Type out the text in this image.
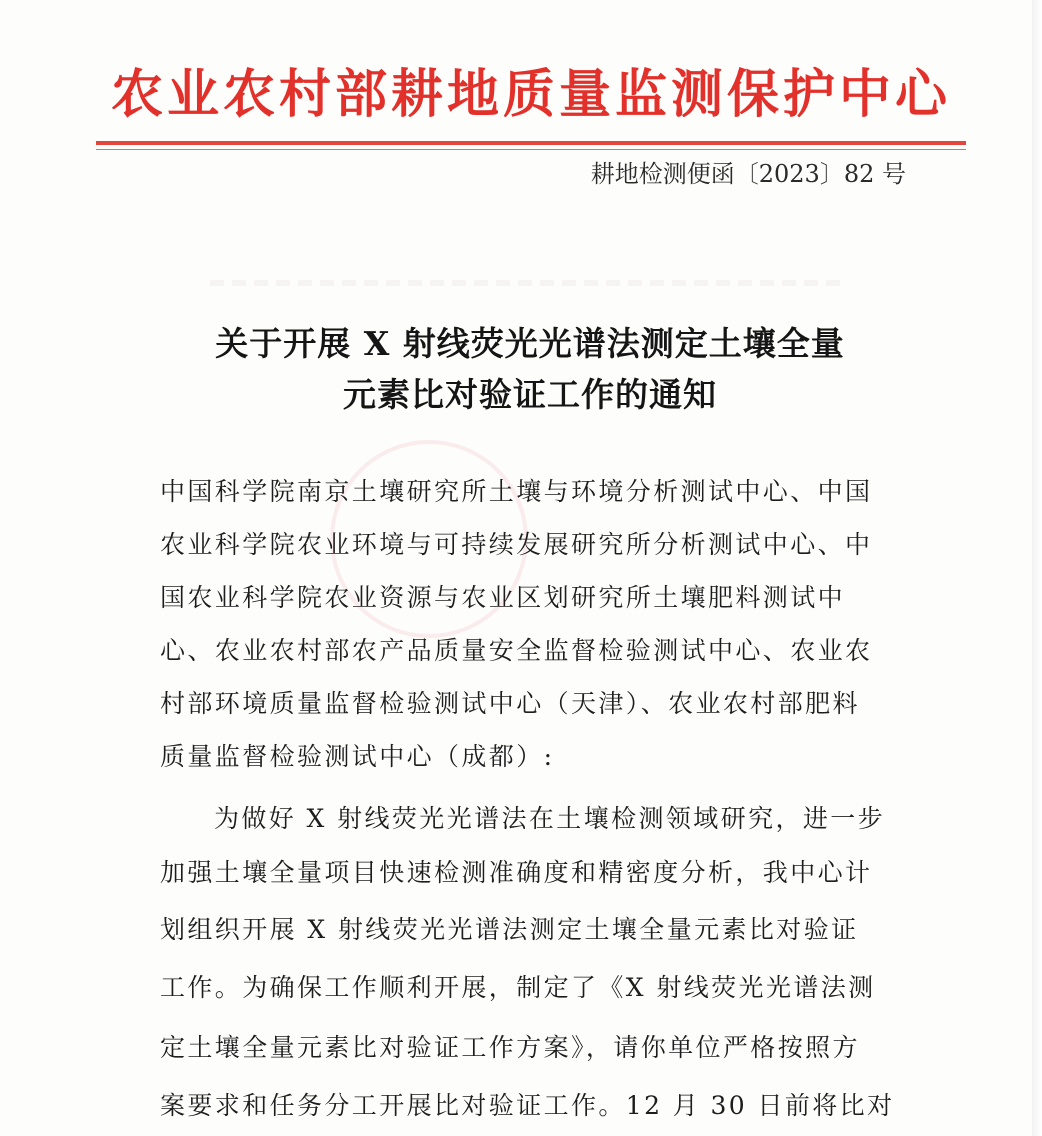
农业农村部耕地质量监测保护中心
耕地检测便函〔2023〕82 号
关于开展 X 射线荧光光谱法测定土壤全量
元素比对验证工作的通知
中国科学院南京土壤研究所土壤与环境分析测试中心、中国
农业科学院农业环境与可持续发展研究所分析测试中心、中
国农业科学院农业资源与农业区划研究所土壤肥料测试中
心、农业农村部农产品质量安全监督检验测试中心、农业农
村部环境质量监督检验测试中心（天津）、农业农村部肥料
质量监督检验测试中心（成都）:
为做好 X 射线荧光光谱法在土壤检测领域研究，进一步
加强土壤全量项目快速检测准确度和精密度分析，我中心计
划组织开展 X 射线荧光光谱法测定土壤全量元素比对验证
工作。为确保工作顺利开展，制定了《X 射线荧光光谱法测
定土壤全量元素比对验证工作方案》，请你单位严格按照方
案要求和任务分工开展比对验证工作。12 月 30 日前将比对
